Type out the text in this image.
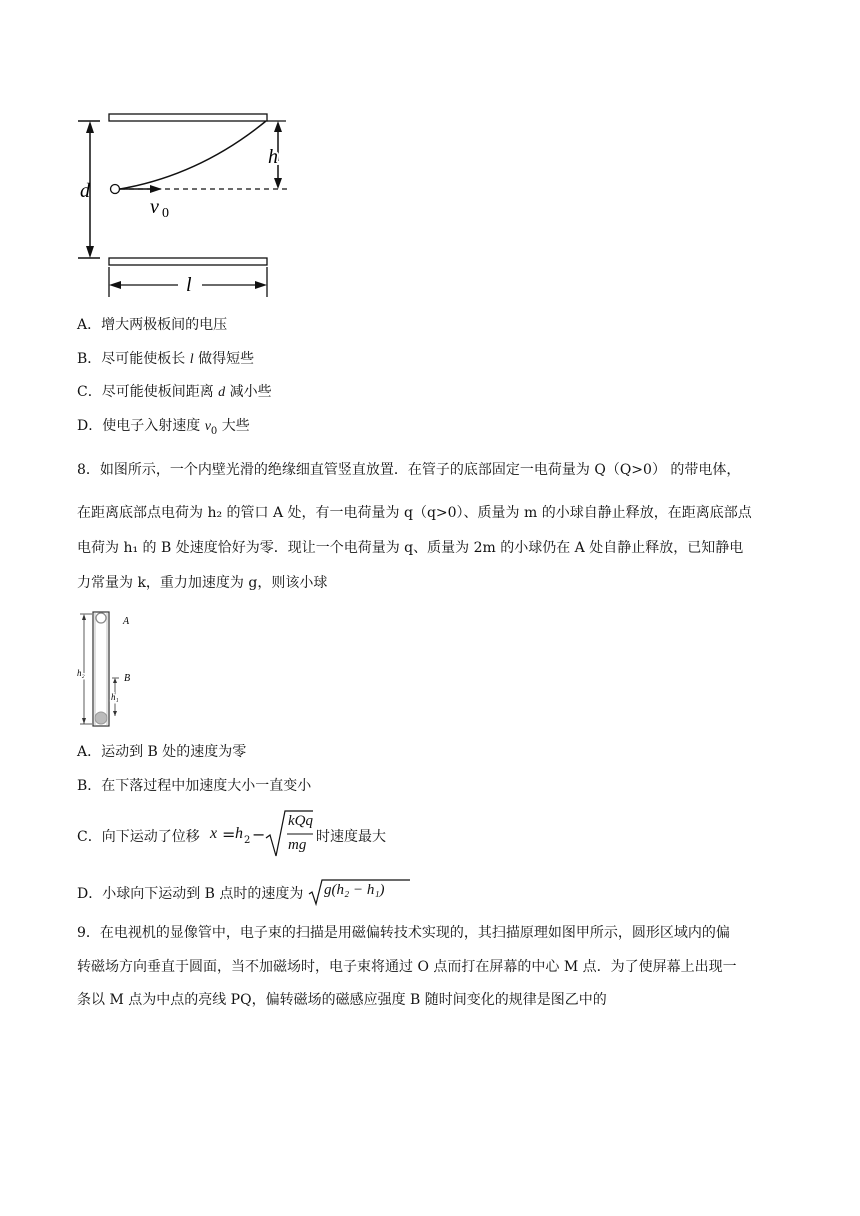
d
h
v 0
l
A．增大两极板间的电压
B．尽可能使板长 l 做得短些
C．尽可能使板间距离 d 减小些
D．使电子入射速度 $v_0$ 大些
8．如图所示，一个内壁光滑的绝缘细直管竖直放置．在管子的底部固定一电荷量为 Q（Q>0） 的带电体，
在距离底部点电荷为 h₂ 的管口 A 处，有一电荷量为 q（q>0）、质量为 m 的小球自静止释放，在距离底部点
电荷为 h₁ 的 B 处速度恰好为零．现让一个电荷量为 q、质量为 2m 的小球仍在 A 处自静止释放，已知静电
力常量为 k，重力加速度为 g，则该小球
A
B
h₂
h₁
A．运动到 B 处的速度为零
B．在下落过程中加速度大小一直变小
C．向下运动了位移 x = h 2 −
kQq
mg 时速度最大
D．小球向下运动到 B 点时的速度为 g(h₂ − h₁)
9．在电视机的显像管中，电子束的扫描是用磁偏转技术实现的，其扫描原理如图甲所示，圆形区域内的偏
转磁场方向垂直于圆面，当不加磁场时，电子束将通过 O 点而打在屏幕的中心 M 点．为了使屏幕上出现一
条以 M 点为中点的亮线 PQ，偏转磁场的磁感应强度 B 随时间变化的规律是图乙中的
